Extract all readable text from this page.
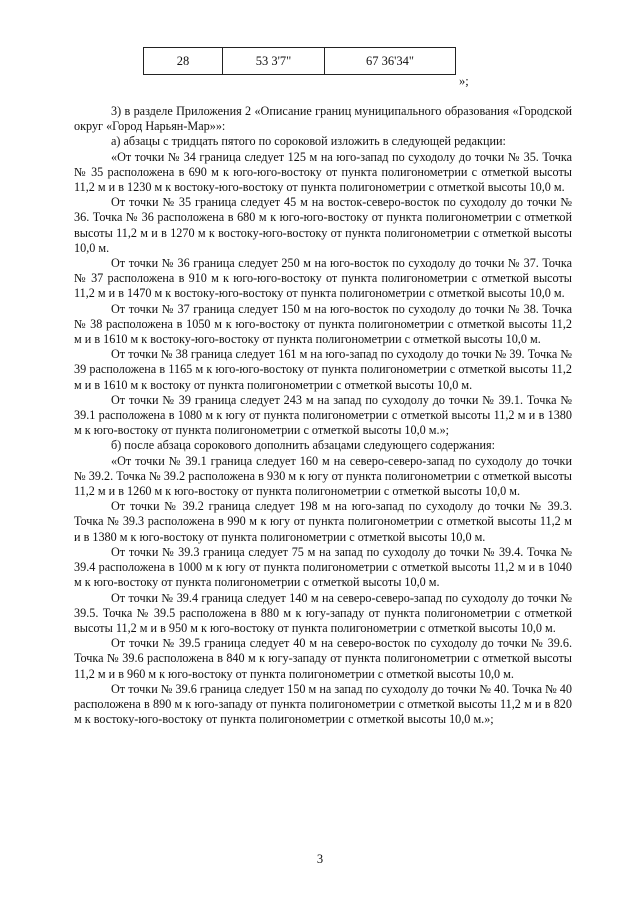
28	53 3'7"	67 36'34"
»;

3) в разделе Приложения 2 «Описание границ муниципального образования «Городской округ «Город Нарьян-Мар»»:

а) абзацы с тридцать пятого по сороковой изложить в следующей редакции:

«От точки № 34 граница следует 125 м на юго-запад по суходолу до точки № 35. Точка № 35 расположена в 690 м к юго-юго-востоку от пункта полигонометрии с отметкой высоты 11,2 м и в 1230 м к востоку-юго-востоку от пункта полигонометрии с отметкой высоты 10,0 м.

От точки № 35 граница следует 45 м на восток-северо-восток по суходолу до точки № 36. Точка № 36 расположена в 680 м к юго-юго-востоку от пункта полигонометрии с отметкой высоты 11,2 м и в 1270 м к востоку-юго-востоку от пункта полигонометрии с отметкой высоты 10,0 м.

От точки № 36 граница следует 250 м на юго-восток по суходолу до точки № 37. Точка № 37 расположена в 910 м к юго-юго-востоку от пункта полигонометрии с отметкой высоты 11,2 м и в 1470 м к востоку-юго-востоку от пункта полигонометрии с отметкой высоты 10,0 м.

От точки № 37 граница следует 150 м на юго-восток по суходолу до точки № 38. Точка № 38 расположена в 1050 м к юго-востоку от пункта полигонометрии с отметкой высоты 11,2 м и в 1610 м к востоку-юго-востоку от пункта полигонометрии с отметкой высоты 10,0 м.

От точки № 38 граница следует 161 м на юго-запад по суходолу до точки № 39. Точка № 39 расположена в 1165 м к юго-юго-востоку от пункта полигонометрии с отметкой высоты 11,2 м и в 1610 м к востоку от пункта полигонометрии с отметкой высоты 10,0 м.

От точки № 39 граница следует 243 м на запад по суходолу до точки № 39.1. Точка № 39.1 расположена в 1080 м к югу от пункта полигонометрии с отметкой высоты 11,2 м и в 1380 м к юго-востоку от пункта полигонометрии с отметкой высоты 10,0 м.»;

б) после абзаца сорокового дополнить абзацами следующего содержания:

«От точки № 39.1 граница следует 160 м на северо-северо-запад по суходолу до точки № 39.2. Точка № 39.2 расположена в 930 м к югу от пункта полигонометрии с отметкой высоты 11,2 м и в 1260 м к юго-востоку от пункта полигонометрии с отметкой высоты 10,0 м.

От точки № 39.2 граница следует 198 м на юго-запад по суходолу до точки № 39.3. Точка № 39.3 расположена в 990 м к югу от пункта полигонометрии с отметкой высоты 11,2 м и в 1380 м к юго-востоку от пункта полигонометрии с отметкой высоты 10,0 м.

От точки № 39.3 граница следует 75 м на запад по суходолу до точки № 39.4. Точка № 39.4 расположена в 1000 м к югу от пункта полигонометрии с отметкой высоты 11,2 м и в 1040 м к юго-востоку от пункта полигонометрии с отметкой высоты 10,0 м.

От точки № 39.4 граница следует 140 м на северо-северо-запад по суходолу до точки № 39.5. Точка № 39.5 расположена в 880 м к югу-западу от пункта полигонометрии с отметкой высоты 11,2 м и в 950 м к юго-востоку от пункта полигонометрии с отметкой высоты 10,0 м.

От точки № 39.5 граница следует 40 м на северо-восток по суходолу до точки № 39.6. Точка № 39.6 расположена в 840 м к югу-западу от пункта полигонометрии с отметкой высоты 11,2 м и в 960 м к юго-востоку от пункта полигонометрии с отметкой высоты 10,0 м.

От точки № 39.6 граница следует 150 м на запад по суходолу до точки № 40. Точка № 40 расположена в 890 м к юго-западу от пункта полигонометрии с отметкой высоты 11,2 м и в 820 м к востоку-юго-востоку от пункта полигонометрии с отметкой высоты 10,0 м.»;

3
